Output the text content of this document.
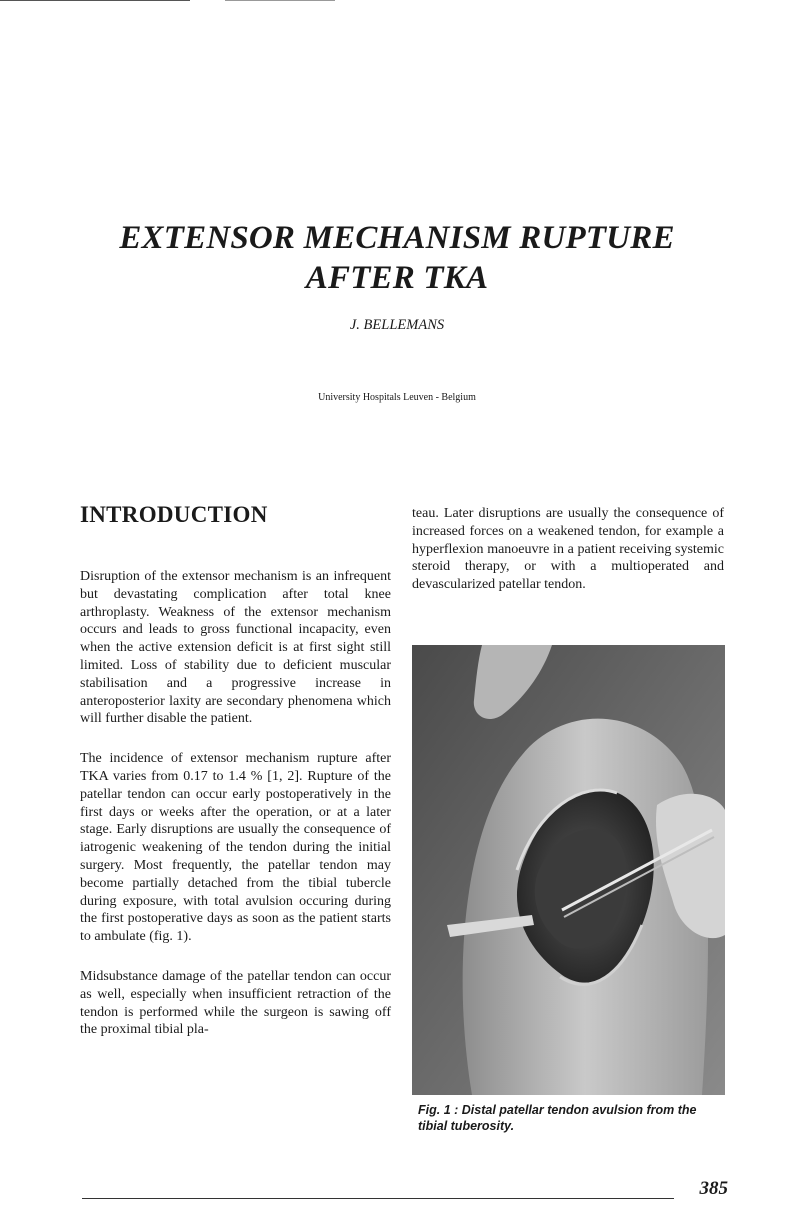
EXTENSOR MECHANISM RUPTURE
AFTER TKA

J. BELLEMANS

University Hospitals Leuven - Belgium

INTRODUCTION

Disruption of the extensor mechanism is an infrequent but devastating complication after total knee arthroplasty. Weakness of the extensor mechanism occurs and leads to gross functional incapacity, even when the active extension deficit is at first sight still limited. Loss of stability due to deficient muscular stabilisation and a progressive increase in anteroposterior laxity are secondary phenomena which will further disable the patient.

The incidence of extensor mechanism rupture after TKA varies from 0.17 to 1.4 % [1, 2]. Rupture of the patellar tendon can occur early postoperatively in the first days or weeks after the operation, or at a later stage. Early disruptions are usually the consequence of iatrogenic weakening of the tendon during the initial surgery. Most frequently, the patellar tendon may become partially detached from the tibial tubercle during exposure, with total avulsion occuring during the first postoperative days as soon as the patient starts to ambulate (fig. 1).

Midsubstance damage of the patellar tendon can occur as well, especially when insufficient retraction of the tendon is performed while the surgeon is sawing off the proximal tibial pla-

teau. Later disruptions are usually the consequence of increased forces on a weakened tendon, for example a hyperflexion manoeuvre in a patient receiving systemic steroid therapy, or with a multioperated and devascularized patellar tendon.

Fig. 1 : Distal patellar tendon avulsion from the tibial tuberosity.

385
